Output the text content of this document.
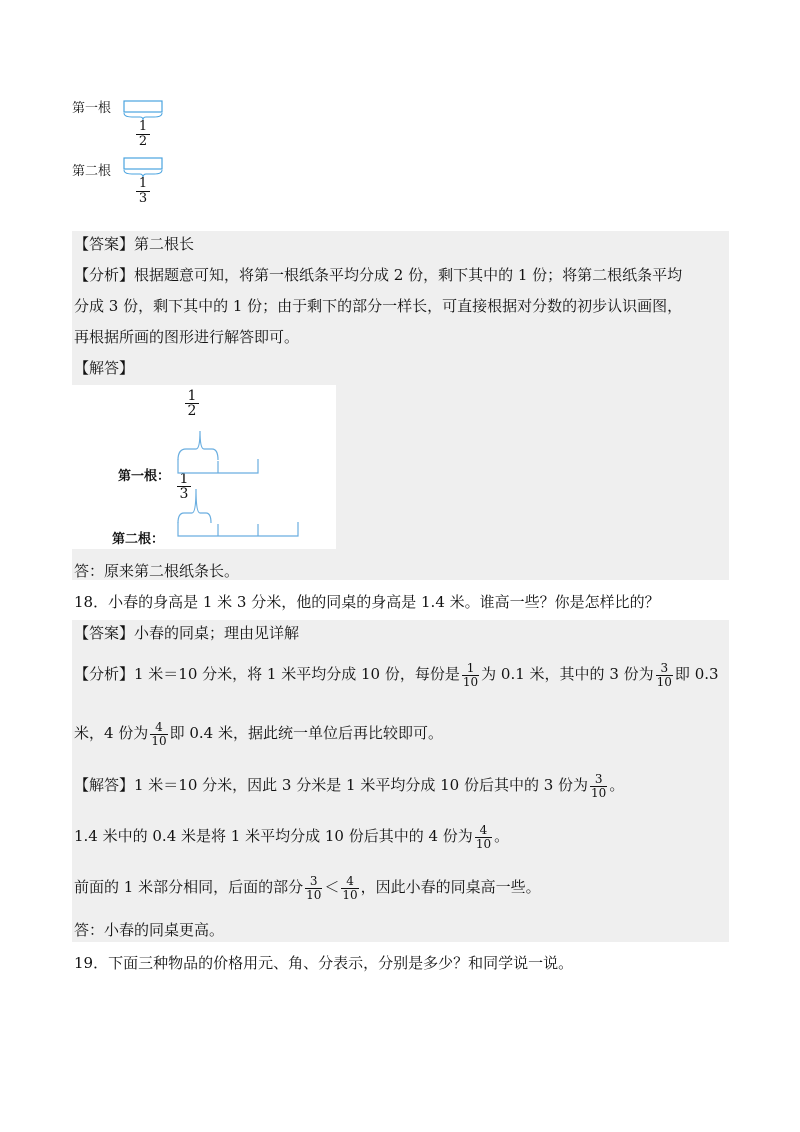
第一根
1
2
第二根
1
3
【答案】第二根长
【分析】根据题意可知，将第一根纸条平均分成 2 份，剩下其中的 1 份；将第二根纸条平均
分成 3 份，剩下其中的 1 份；由于剩下的部分一样长，可直接根据对分数的初步认识画图，
再根据所画的图形进行解答即可。
【解答】
1
2
1
3
第一根：
第二根：
答：原来第二根纸条长。
18．小春的身高是 1 米 3 分米，他的同桌的身高是 1.4 米。谁高一些？你是怎样比的？
【答案】小春的同桌；理由见详解
【分析】1 米＝10 分米，将 1 米平均分成 10 份，每份是 $\frac{1}{10}$ 为 0.1 米，其中的 3 份为 $\frac{3}{10}$ 即 0.3
米，4 份为 $\frac{4}{10}$ 即 0.4 米，据此统一单位后再比较即可。
【解答】1 米＝10 分米，因此 3 分米是 1 米平均分成 10 份后其中的 3 份为 $\frac{3}{10}$ 。
1.4 米中的 0.4 米是将 1 米平均分成 10 份后其中的 4 份为 $\frac{4}{10}$ 。
前面的 1 米部分相同，后面的部分 $\frac{3}{10} < \frac{4}{10}$ ，因此小春的同桌高一些。
答：小春的同桌更高。
19．下面三种物品的价格用元、角、分表示，分别是多少？和同学说一说。
